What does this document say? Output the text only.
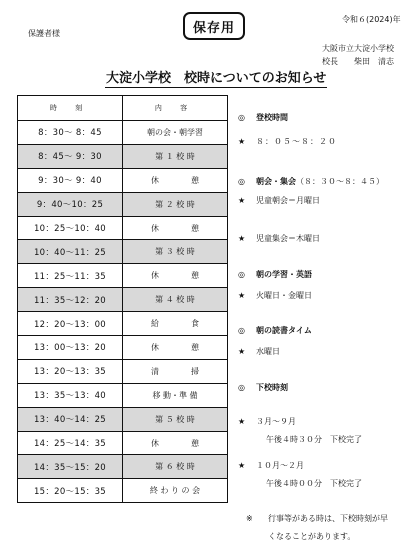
令和６(2024)年
保護者様	保存用
大阪市立大淀小学校
校長　　柴田　清志
大淀小学校　校時についてのお知らせ
時 刻	内 容
8：30～ 8：45	朝の会・朝学習
8：45～ 9：30	第 １ 校 時
9：30～ 9：40	休　　　　憩
9：40～10：25	第 ２ 校 時
10：25～10：40	休　　　　憩
10：40～11：25	第 ３ 校 時
11：25～11：35	休　　　　憩
11：35～12：20	第 ４ 校 時
12：20～13：00	給　　　　食
13：00～13：20	休　　　　憩
13：20～13：35	清　　　　掃
13：35～13：40	移 動・準 備
13：40～14：25	第 ５ 校 時
14：25～14：35	休　　　　憩
14：35～15：20	第 ６ 校 時
15：20～15：35	終 わ り の 会
◎ 登校時間
★ ８：０５～８：２０
◎ 朝会・集会（８：３０～８：４５）
★ 児童朝会＝月曜日
★ 児童集会＝木曜日
◎ 朝の学習・英語
★ 火曜日・金曜日
◎ 朝の読書タイム
★ 水曜日
◎ 下校時刻
★ ３月～９月
午後４時３０分　下校完了
★ １０月～２月
午後４時００分　下校完了
※ 行事等がある時は、下校時刻が早
くなることがあります。
